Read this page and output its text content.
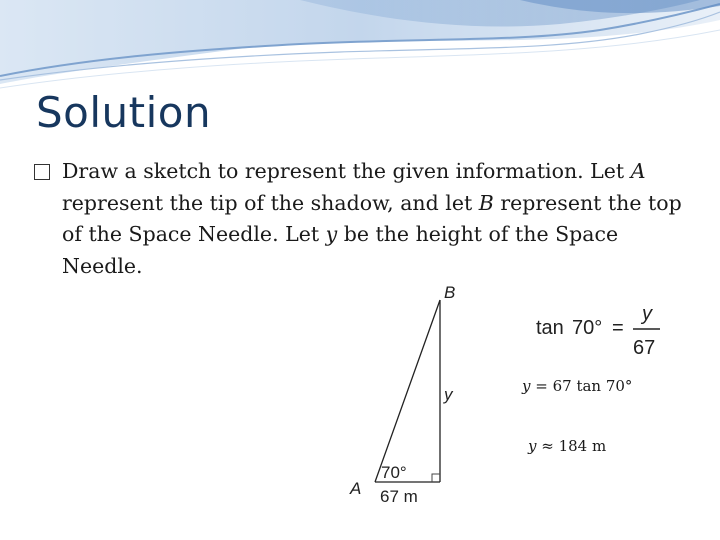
Solution
Draw a sketch to represent the given information. Let A represent the tip of the shadow, and let B represent the top of the Space Needle. Let y be the height of the Space Needle.
B
y
70°
A 67 m
tan 70° =
y
67
y = 67 tan 70°
y ≈ 184 m
